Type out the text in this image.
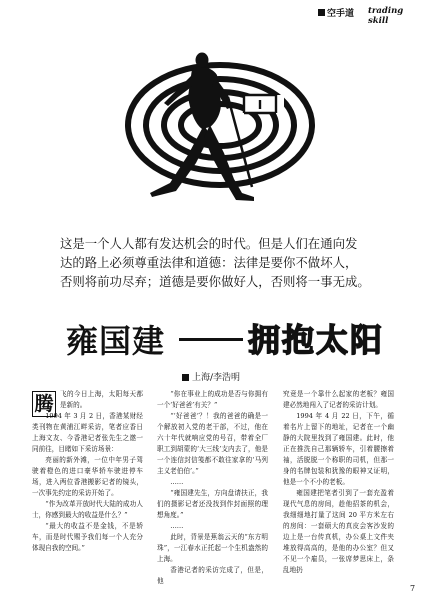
空手道 trading skill

这是一个人人都有发达机会的时代。但是人们在通向发

达的路上必须尊重法律和道德：法律是要你不做坏人，

否则将前功尽弃；道德是要你做好人，否则将一事无成。

雍国建	拥抱太阳
上海/李浩明
腾 飞的今日上海，太阳每天都是新的。

1994 年 3 月 2 日，香港某财经类刊物在黄浦江畔采访，笔者应香日上海文友、今香港记者张先生之邀一同前往，目睹如下采访场景：

亮丽的新外滩，一位中年男子驾驶着橙色的进口豪华轿车驶进停车场，进入两位香港搬影记者的镜头，一次事先约定的采访开始了。

“作为改革开放时代大陆的成功人士，你感到最大的收益是什么？”

“最大的收益不是金钱，不是轿车，而是时代赐予我们每一个人充分体现自我的空间。”

“你在事业上的成功是否与你拥有一个‘好爸爸’有关？”

“‘好爸爸’？！我的爸爸的确是一个解放初入党的老干部，不过，他在六十年代就响应党的号召，带着全厂职工到胡蒙的‘大三线’支内去了，他是一个连信封信笺都不敢往家拿的‘马列主义老伯伯’。”

……

“雍国建先生，方向盘请扶正，我们的摄影记者还没找到作封面照的理想角度。”

……

此时，背景是蕉翁云天的“东方明珠”，一江春水正托起一个生机盎然的上海。

香港记者的采访完成了，但是，他

究竟是一个靠什么起家的老板？雍国建必然地闯入了记者的采访计划。

1994 年 4 月 22 日，下午，循着名片上留下的地址，记者在一个幽静的大院里找到了雍国建。此时，他正在推洗自己那辆轿车，引着腰擦着袖，活脱脱一个称职的司机，但那一身的名牌包装和犹豫的眼神又证明，他是一个不小的老板。

雍国建把笔者引到了一套充盈着现代气息的房间，趁他招茶的机会，我细细地打量了这间 20 平方米左右的房间：一套硕大的真皮会客沙发的边上是一台传真机，办公桌上文件夹堆放得高高的，是他的办公室？但又不见一个雇员，一张席梦思床上，条乱地扔

7
